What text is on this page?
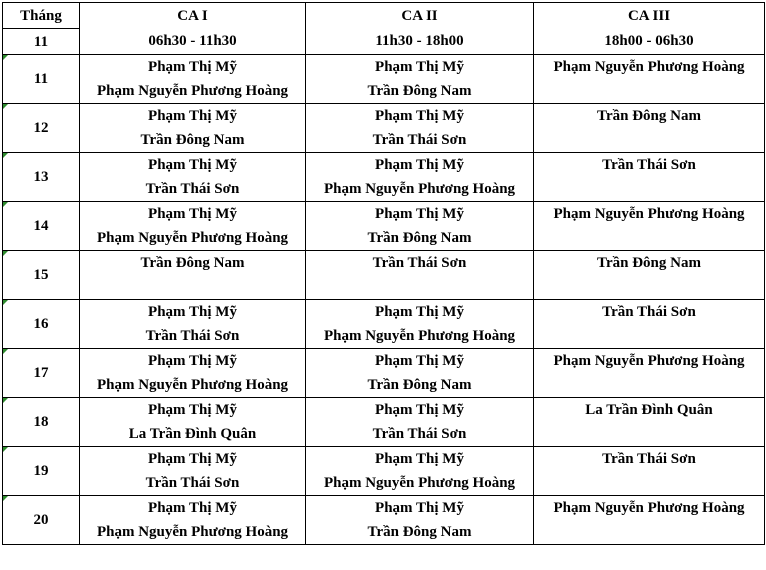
Tháng	CA I	CA II	CA III
11	06h30 - 11h30	11h30 - 18h00	18h00 - 06h30

11	Phạm Thị Mỹ	Phạm Thị Mỹ	Phạm Nguyễn Phương Hoàng
	Phạm Nguyễn Phương Hoàng	Trần Đông Nam	

12	Phạm Thị Mỹ	Phạm Thị Mỹ	Trần Đông Nam
	Trần Đông Nam	Trần Thái Sơn	

13	Phạm Thị Mỹ	Phạm Thị Mỹ	Trần Thái Sơn
	Trần Thái Sơn	Phạm Nguyễn Phương Hoàng	

14	Phạm Thị Mỹ	Phạm Thị Mỹ	Phạm Nguyễn Phương Hoàng
	Phạm Nguyễn Phương Hoàng	Trần Đông Nam	

15	Trần Đông Nam	Trần Thái Sơn	Trần Đông Nam

16	Phạm Thị Mỹ	Phạm Thị Mỹ	Trần Thái Sơn
	Trần Thái Sơn	Phạm Nguyễn Phương Hoàng	

17	Phạm Thị Mỹ	Phạm Thị Mỹ	Phạm Nguyễn Phương Hoàng
	Phạm Nguyễn Phương Hoàng	Trần Đông Nam	

18	Phạm Thị Mỹ	Phạm Thị Mỹ	La Trần Đình Quân
	La Trần Đình Quân	Trần Thái Sơn	

19	Phạm Thị Mỹ	Phạm Thị Mỹ	Trần Thái Sơn
	Trần Thái Sơn	Phạm Nguyễn Phương Hoàng	

20	Phạm Thị Mỹ	Phạm Thị Mỹ	Phạm Nguyễn Phương Hoàng
	Phạm Nguyễn Phương Hoàng	Trần Đông Nam	
